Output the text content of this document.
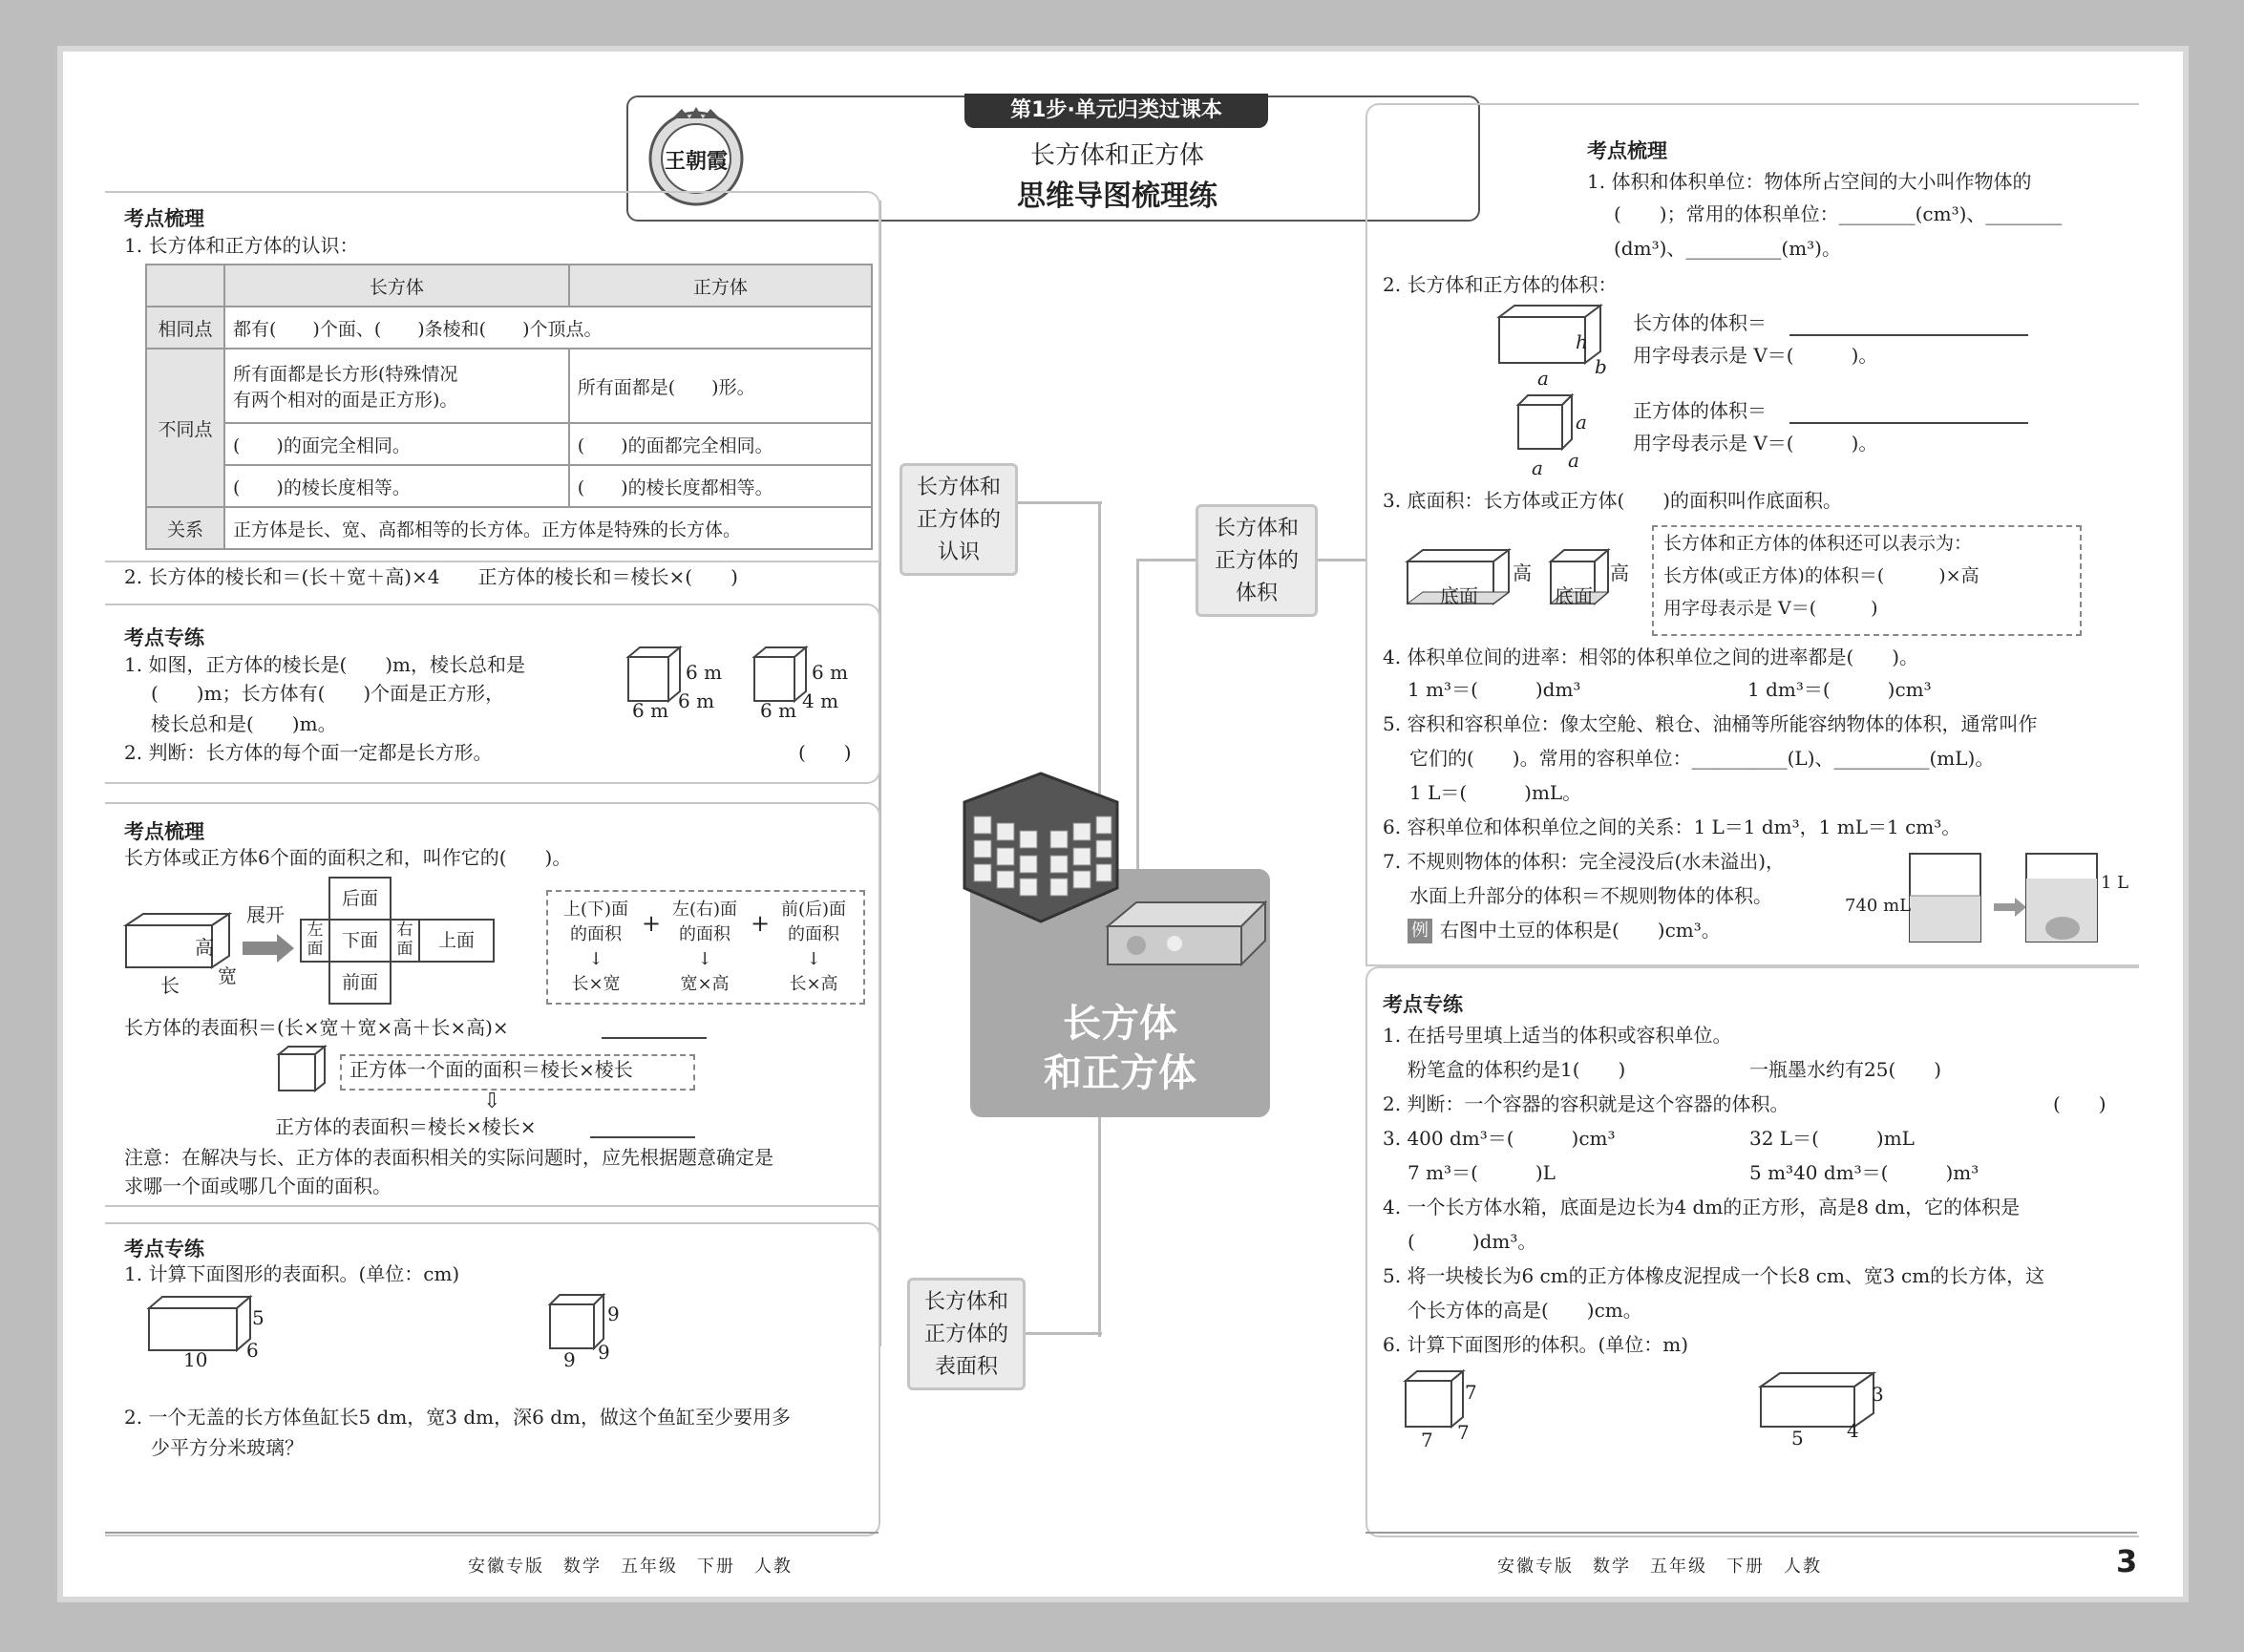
王朝霞
第1步·单元归类过课本
长方体和正方体
思维导图梳理练
长方体和
正方体的
认识
长方体和
正方体的
体积
长方体和
正方体的
表面积
长方体
和正方体
考点梳理
1. 长方体和正方体的认识：
	长方体	正方体
相同点	都有(　　)个面、(　　)条棱和(　　)个顶点。	
不同点	所有面都是长方形(特殊情况
有两个相对的面是正方形)。	所有面都是(　　)形。
	(　　)的面完全相同。	(　　)的面都完全相同。
	(　　)的棱长度相等。	(　　)的棱长度都相等。
关系	正方体是长、宽、高都相等的长方体。正方体是特殊的长方体。	
2. 长方体的棱长和＝(长＋宽＋高)×4　　正方体的棱长和＝棱长×(　　)
考点专练
1. 如图，正方体的棱长是(　　)m，棱长总和是
(　　)m；长方体有(　　)个面是正方形，
棱长总和是(　　)m。
6 m
6 m 6 m
6 m
6 m 4 m
2. 判断：长方体的每个面一定都是长方形。	(　　)
考点梳理
长方体或正方体6个面的面积之和，叫作它的(　　)。
高
长 宽
展开
后面
左面	下面	右面	上面
前面
上(下)面
的面积
↓
长×宽
+
左(右)面
的面积
↓
宽×高
+
前(后)面
的面积
↓
长×高
长方体的表面积＝(长×宽＋宽×高＋长×高)×
正方体一个面的面积＝棱长×棱长
⇩
正方体的表面积＝棱长×棱长×
注意：在解决与长、正方体的表面积相关的实际问题时，应先根据题意确定是
求哪一个面或哪几个面的面积。
考点专练
1. 计算下面图形的表面积。(单位：cm)
5
10 6
9
9 9
2. 一个无盖的长方体鱼缸长5 dm，宽3 dm，深6 dm，做这个鱼缸至少要用多
少平方分米玻璃？
考点梳理
1. 体积和体积单位：物体所占空间的大小叫作物体的
(　　)；常用的体积单位：________(cm³)、________
(dm³)、__________(m³)。
2. 长方体和正方体的体积：
h
a b
长方体的体积＝
用字母表示是 V＝(　　　)。
a
a a
正方体的体积＝
用字母表示是 V＝(　　　)。
3. 底面积：长方体或正方体(　　)的面积叫作底面积。
底面
高
底面
高
长方体和正方体的体积还可以表示为：
长方体(或正方体)的体积＝(　　　)×高
用字母表示是 V＝(　　　)
4. 体积单位间的进率：相邻的体积单位之间的进率都是(　　)。
1 m³＝(　　　)dm³	1 dm³＝(　　　)cm³
5. 容积和容积单位：像太空舱、粮仓、油桶等所能容纳物体的体积，通常叫作
它们的(　　)。常用的容积单位：__________(L)、__________(mL)。
1 L＝(　　　)mL。
6. 容积单位和体积单位之间的关系：1 L＝1 dm³，1 mL＝1 cm³。
7. 不规则物体的体积：完全浸没后(水未溢出)，
水面上升部分的体积＝不规则物体的体积。
例 右图中土豆的体积是(　　)cm³。
740 mL
1 L
考点专练
1. 在括号里填上适当的体积或容积单位。
粉笔盒的体积约是1(　　)	一瓶墨水约有25(　　)
2. 判断：一个容器的容积就是这个容器的体积。	(　　)
3. 400 dm³＝(　　　)cm³	32 L＝(　　　)mL
7 m³＝(　　　)L	5 m³40 dm³＝(　　　)m³
4. 一个长方体水箱，底面是边长为4 dm的正方形，高是8 dm，它的体积是
(　　　)dm³。
5. 将一块棱长为6 cm的正方体橡皮泥捏成一个长8 cm、宽3 cm的长方体，这
个长方体的高是(　　)cm。
6. 计算下面图形的体积。(单位：m)
7
7 7
3
5 4
安徽专版　数学　五年级　下册　人教	安徽专版　数学　五年级　下册　人教	3
